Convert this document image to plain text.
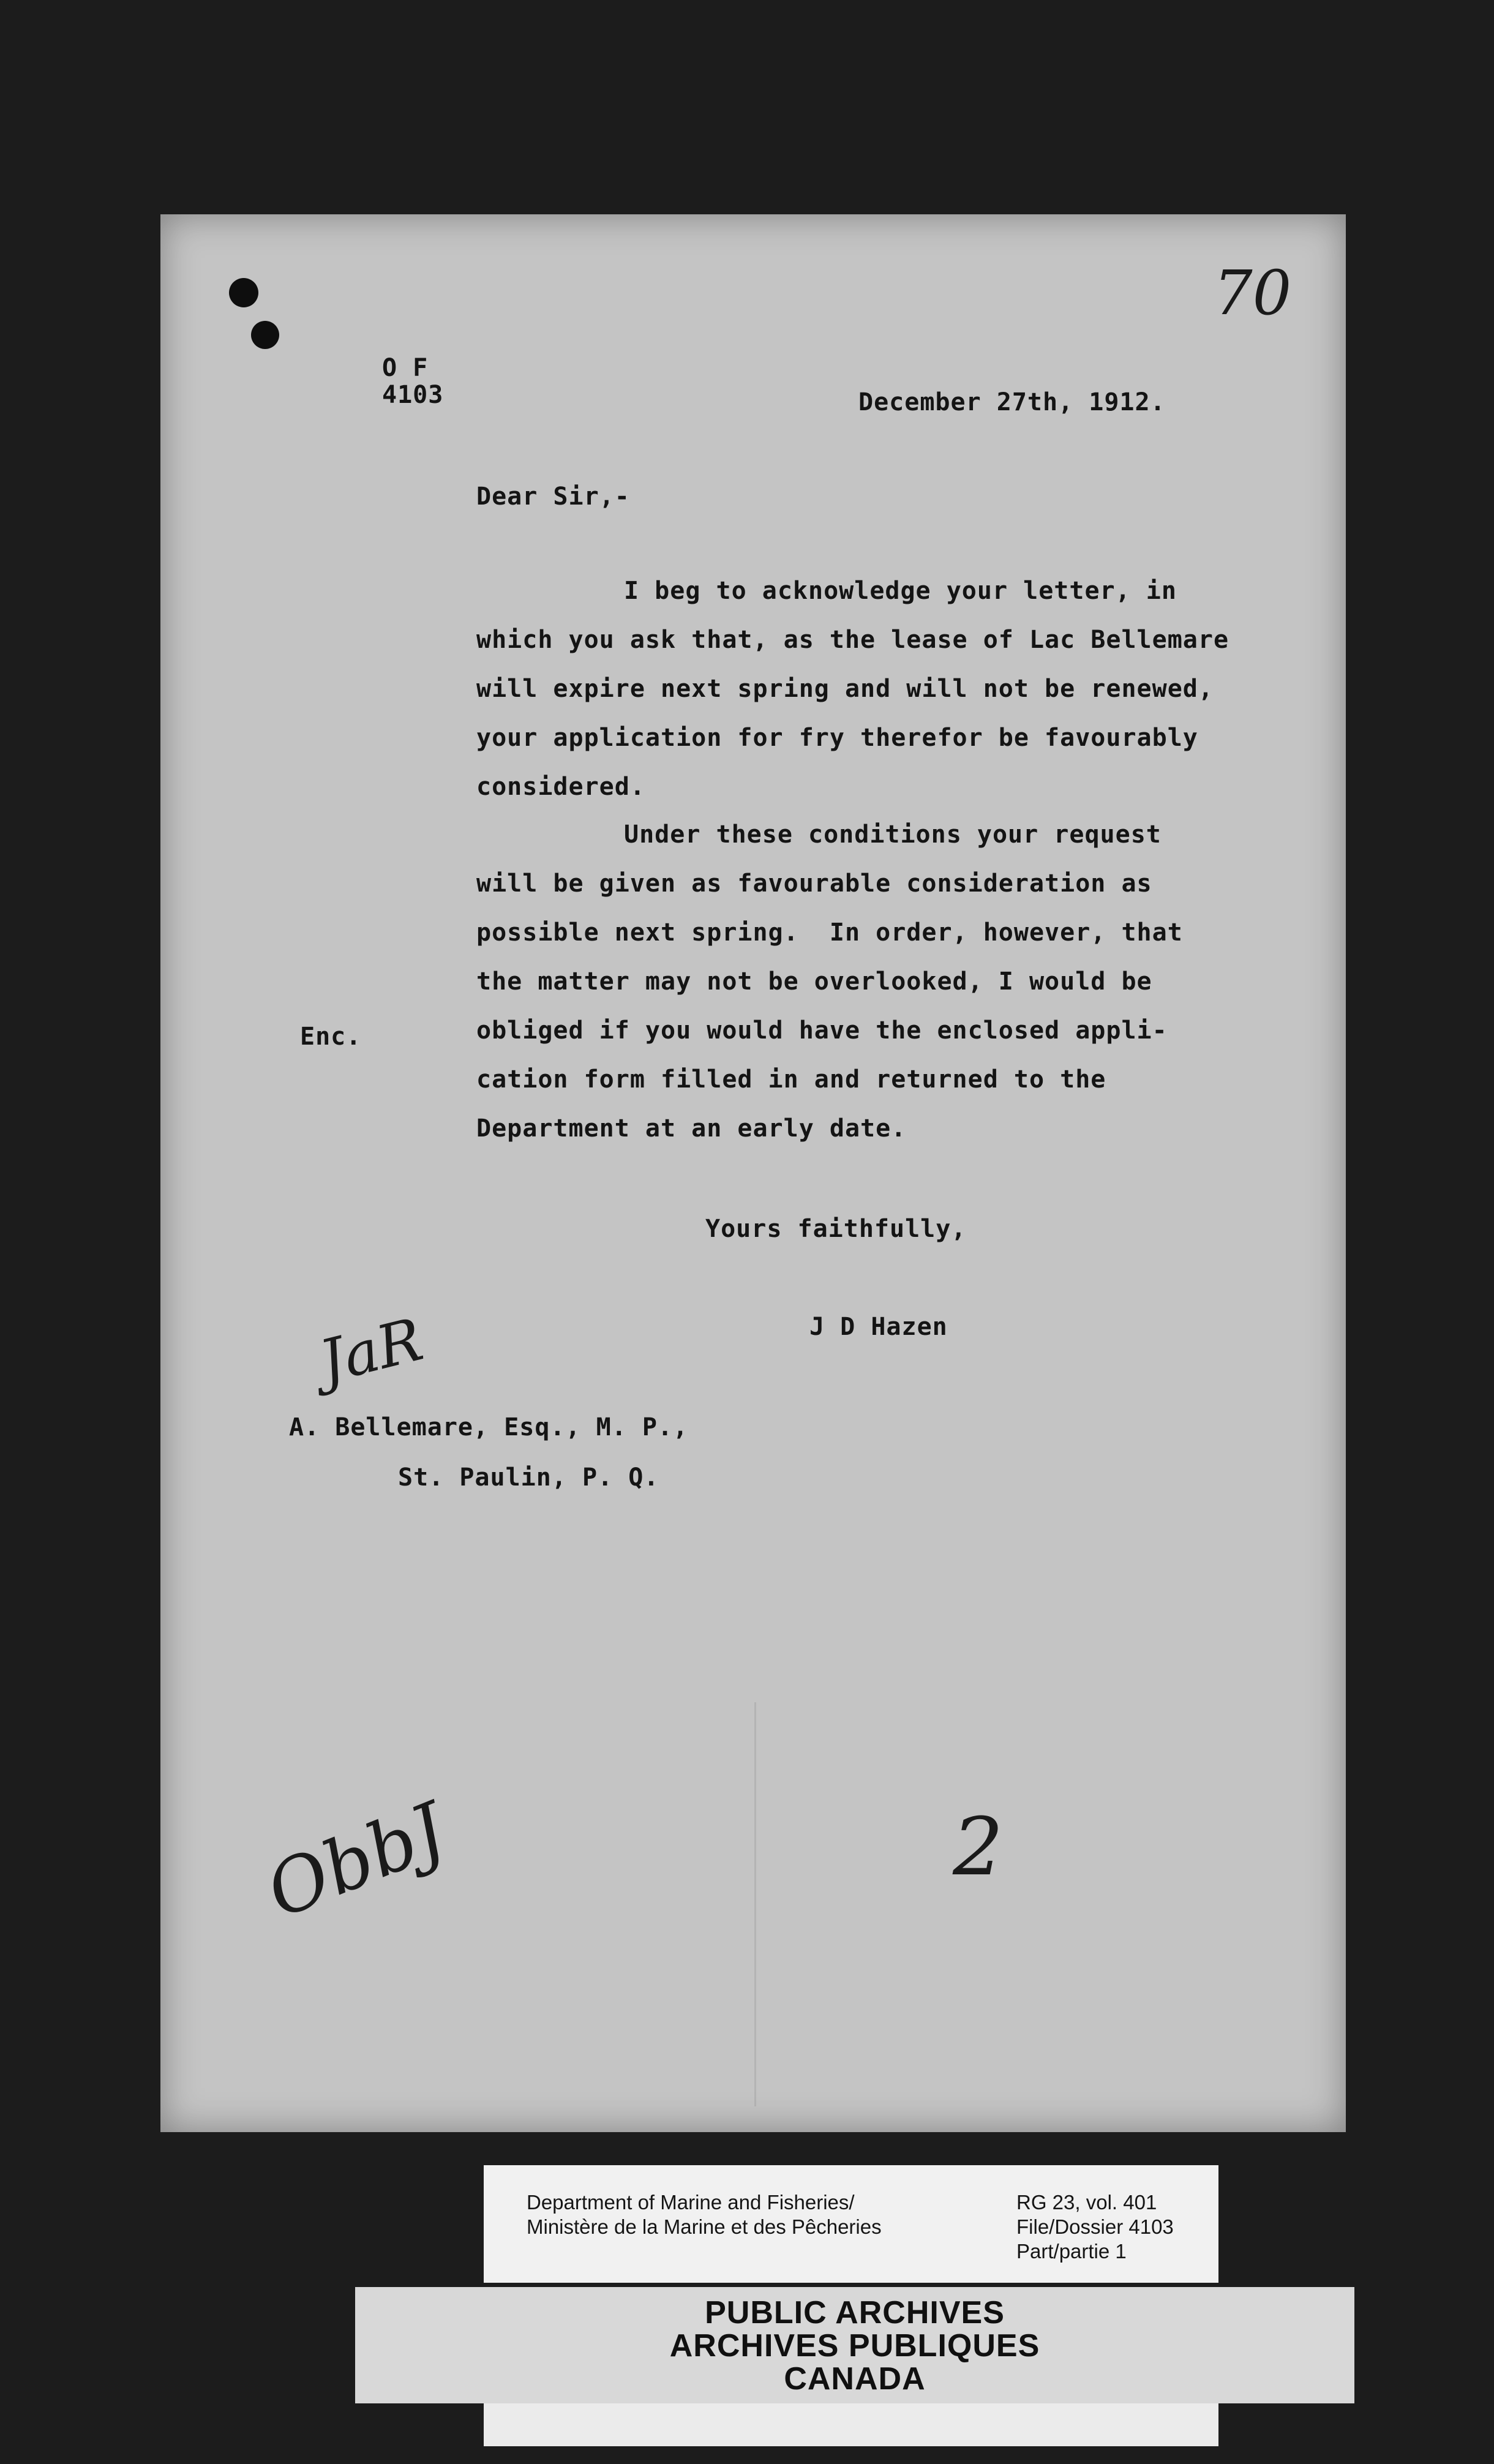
70
O F
4103	December 27th, 1912.
Dear Sir,-
I beg to acknowledge your letter, in
which you ask that, as the lease of Lac Bellemare
will expire next spring and will not be renewed,
your application for fry therefor be favourably
considered.
Under these conditions your request
will be given as favourable consideration as
possible next spring.  In order, however, that
the matter may not be overlooked, I would be
obliged if you would have the enclosed appli-
cation form filled in and returned to the
Department at an early date.
Enc.
Yours faithfully,
J D Hazen
A. Bellemare, Esq., M. P.,
St. Paulin, P. Q.
JaR
ObbJ	2
Department of Marine and Fisheries/
Ministère de la Marine et des Pêcheries
RG 23, vol. 401
File/Dossier 4103
Part/partie 1
PUBLIC ARCHIVES
ARCHIVES PUBLIQUES
CANADA
